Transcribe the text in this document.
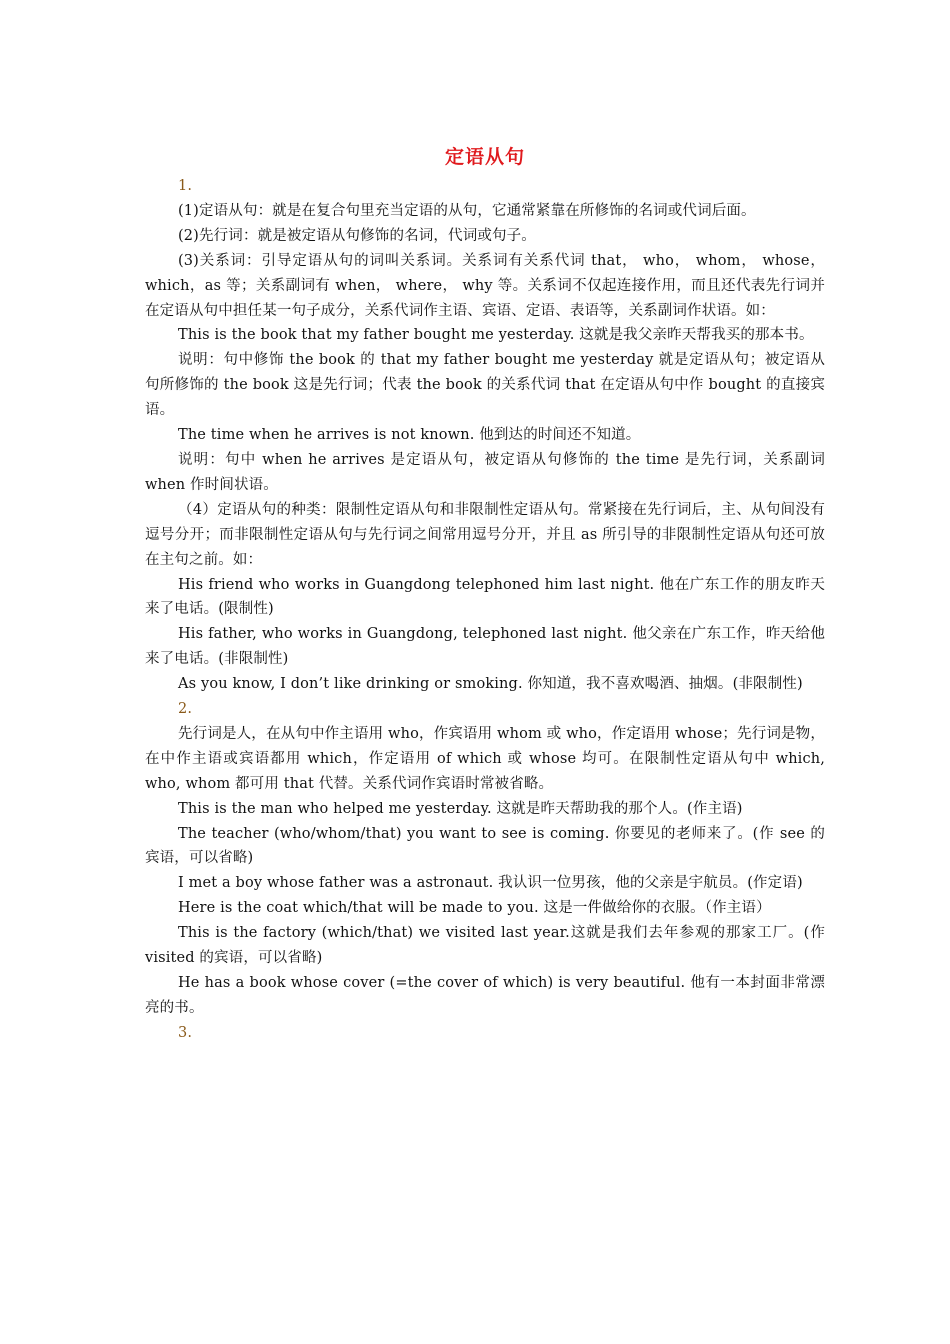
定语从句
1.

(1)定语从句：就是在复合句里充当定语的从句，它通常紧靠在所修饰的名词或代词后面。

(2)先行词：就是被定语从句修饰的名词，代词或句子。

(3)关系词：引导定语从句的词叫关系词。关系词有关系代词 that， who， whom， whose， which，as 等；关系副词有 when， where， why 等。关系词不仅起连接作用，而且还代表先行词并在定语从句中担任某一句子成分，关系代词作主语、宾语、定语、表语等，关系副词作状语。如：

This is the book that my father bought me yesterday. 这就是我父亲昨天帮我买的那本书。

说明：句中修饰 the book 的 that my father bought me yesterday 就是定语从句；被定语从句所修饰的 the book 这是先行词；代表 the book 的关系代词 that 在定语从句中作 bought 的直接宾语。

The time when he arrives is not known. 他到达的时间还不知道。

说明：句中 when he arrives 是定语从句，被定语从句修饰的 the time 是先行词，关系副词 when 作时间状语。

（4）定语从句的种类：限制性定语从句和非限制性定语从句。常紧接在先行词后，主、从句间没有逗号分开；而非限制性定语从句与先行词之间常用逗号分开，并且 as 所引导的非限制性定语从句还可放在主句之前。如：

His friend who works in Guangdong telephoned him last night. 他在广东工作的朋友昨天来了电话。(限制性)

His father, who works in Guangdong, telephoned last night. 他父亲在广东工作，昨天给他来了电话。(非限制性)

As you know, I don’t like drinking or smoking. 你知道，我不喜欢喝酒、抽烟。(非限制性)

2.

先行词是人，在从句中作主语用 who，作宾语用 whom 或 who，作定语用 whose；先行词是物，在中作主语或宾语都用 which，作定语用 of which 或 whose 均可。在限制性定语从句中 which, who, whom 都可用 that 代替。关系代词作宾语时常被省略。

This is the man who helped me yesterday. 这就是昨天帮助我的那个人。(作主语)

The teacher (who/whom/that) you want to see is coming. 你要见的老师来了。(作 see 的宾语，可以省略)

I met a boy whose father was a astronaut. 我认识一位男孩，他的父亲是宇航员。(作定语)

Here is the coat which/that will be made to you. 这是一件做给你的衣服。（作主语）

This is the factory (which/that) we visited last year.这就是我们去年参观的那家工厂。(作 visited 的宾语，可以省略)

He has a book whose cover (=the cover of which) is very beautiful. 他有一本封面非常漂亮的书。

3.
